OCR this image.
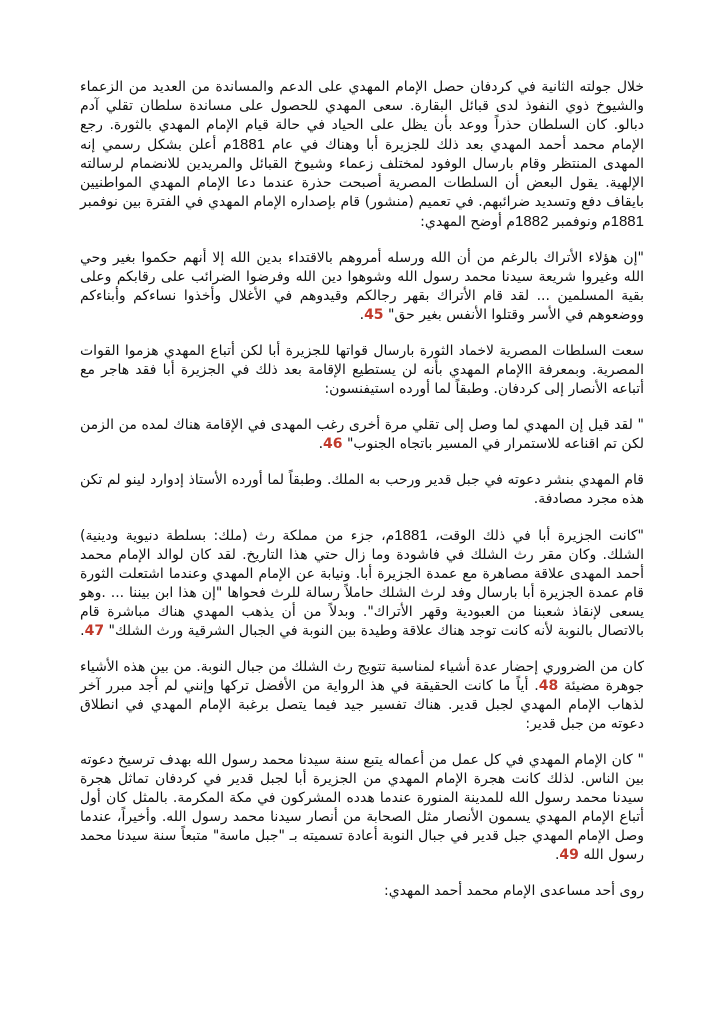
خلال جولته الثانية في كردفان حصل الإمام المهدي على الدعم والمساندة من العديد من الزعماء والشيوخ ذوي النفوذ لدى قبائل البقارة. سعى المهدي للحصول على مساندة سلطان تقلي آدم دبالو. كان السلطان حذراً ووعد بأن يظل على الحياد في حالة قيام الإمام المهدي بالثورة. رجع الإمام محمد أحمد المهدي بعد ذلك للجزيرة أبا وهناك في عام 1881م أعلن بشكل رسمي إنه المهدى المنتظر وقام بارسال الوفود لمختلف زعماء وشيوخ القبائل والمريدين للانضمام لرسالته الإلهية. يقول البعض أن السلطات المصرية أصبحت حذرة عندما دعا الإمام المهدي المواطنيين بايقاف دفع وتسديد ضرائبهم. في تعميم (منشور) قام بإصداره الإمام المهدي في الفترة بين نوفمبر 1881م ونوفمبر 1882م أوضح المهدي:

"إن هؤلاء الأتراك بالرغم من أن الله ورسله أمروهم بالاقتداء بدين الله إلا أنهم حكموا بغير وحي الله وغيروا شريعة سيدنا محمد رسول الله وشوهوا دين الله وفرضوا الضرائب على رقابكم وعلى بقية المسلمين ... لقد قام الأتراك بقهر رجالكم وقيدوهم في الأغلال وأخذوا نساءكم وأبناءكم ووضعوهم في الأسر وقتلوا الأنفس بغير حق" 45.

سعت السلطات المصرية لاخماد الثورة بارسال قواتها للجزيرة أبا لكن أتباع المهدي هزموا القوات المصرية. وبمعرفة االإمام المهدي بأنه لن يستطيع الإقامة بعد ذلك في الجزيرة أبا فقد هاجر مع أتباعه الأنصار إلى كردفان. وطبقاً لما أورده استيفنسون:

" لقد قيل إن المهدي لما وصل إلى تقلي مرة أخرى رغب المهدى في الإقامة هناك لمده من الزمن لكن تم اقناعه للاستمرار في المسير باتجاه الجنوب" 46.

قام المهدي بنشر دعوته في جبل قدير ورحب به الملك. وطبقاً لما أورده الأستاذ إدوارد لينو لم تكن هذه مجرد مصادفة.

"كانت الجزيرة أبا في ذلك الوقت، 1881م، جزء من مملكة رث (ملك: بسلطة دنيوية ودينية) الشلك. وكان مقر رث الشلك في فاشودة وما زال حتي هذا التاريخ. لقد كان لوالد الإمام محمد أحمد المهدى علاقة مصاهرة مع عمدة الجزيرة أبا. ونيابة عن الإمام المهدي وعندما اشتعلت الثورة قام عمدة الجزيرة أبا بارسال وفد لرث الشلك حاملاً رسالة للرث فحواها "إن هذا ابن بيننا ... .وهو يسعى لإنقاذ شعبنا من العبودية وقهر الأتراك". وبدلاً من أن يذهب المهدي هناك مباشرة قام بالاتصال بالنوبة لأنه كانت توجد هناك علاقة وطيدة بين النوبة في الجبال الشرقية ورث الشلك" 47.

كان من الضروري إحضار عدة أشياء لمناسبة تتويج رث الشلك من جبال النوبة. من بين هذه الأشياء جوهرة مضيئة 48. أياً ما كانت الحقيقة في هذ الرواية من الأفضل تركها وإنني لم أجد مبرر آخر لذهاب الإمام المهدي لجبل قدير. هناك تفسير جيد فيما يتصل برغبة الإمام المهدي في انطلاق دعوته من جبل قدير:

" كان الإمام المهدي في كل عمل من أعماله يتبع سنة سيدنا محمد رسول الله بهدف ترسيخ دعوته بين الناس. لذلك كانت هجرة الإمام المهدي من الجزيرة أبا لجبل قدير في كردفان تماثل هجرة سيدنا محمد رسول الله للمدينة المنورة عندما هدده المشركون في مكة المكرمة. بالمثل كان أول أتباع الإمام المهدي يسمون الأنصار مثل الصحابة من أنصار سيدنا محمد رسول الله. وأخيراً، عندما وصل الإمام المهدي جبل قدير في جبال النوبة أعادة تسميته بـ "جبل ماسة" متبعاً سنة سيدنا محمد رسول الله 49.

روى أحد مساعدى الإمام محمد أحمد المهدي:
